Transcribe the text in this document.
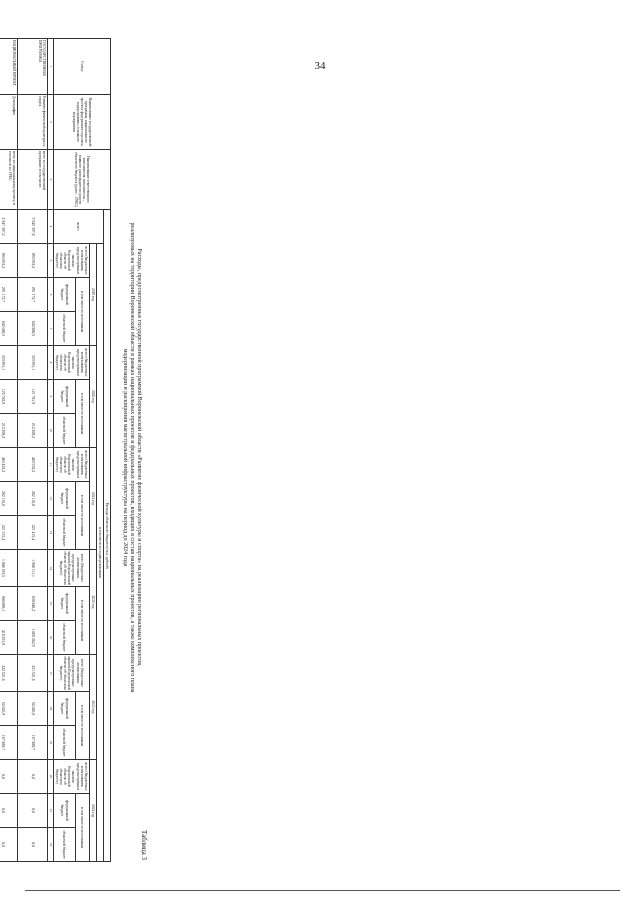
34
Таблица 3
Расходы, предусмотренные государственной программой Воронежской области «Развитие физической культуры и спорта» на реализацию региональных проектов,
реализуемых на территории Воронежской области в рамках национальных проектов и федеральных проектов, входящих в состав национальных проектов, а также комплексного плана
модернизации и расширения магистральной инфраструктуры на период до 2024 года
Статус	Наименование государственной программы, национального проекта, федерального проекта, подпрограммы, основного мероприятия	Наименование ответственного исполнителя, исполнителя – главного распорядителя средств областного бюджета (далее – ГРБС)	Расходы областного бюджета (тыс. рублей)																		
			всего	в том числе по годам реализации																	
				2019 год			2020 год			2021 год			2022 год			2023 год			2024 год		
				всего (бюджетные ассигнования, предусмотренные законом Воронежской области об областном бюджете)	в том числе по источникам		всего (бюджетные ассигнования, предусмотренные законом Воронежской области об областном бюджете)	в том числе по источникам		всего (бюджетные ассигнования, предусмотренные законом Воронежской области об областном бюджете)	в том числе по источникам		всего (бюджетные ассигнования, предусмотренные законом Воронежской области об областном бюджете)	в том числе по источникам		всего (бюджетные ассигнования, предусмотренные законом Воронежской области об областном бюджете)	в том числе по источникам		всего (бюджетные ассигнования, предусмотренные законом Воронежской области об областном бюджете)	в том числе по источникам	
					федеральный бюджет	областной бюджет		федеральный бюджет	областной бюджет		федеральный бюджет	областной бюджет		федеральный бюджет	областной бюджет		федеральный бюджет	областной бюджет		федеральный бюджет	областной бюджет
1	2	3	4	5	6	7	8	9	10	11	12	13	14	15	16	17	18	19	20	21	22
ГОСУДАРСТВЕННАЯ ПРОГРАММА	Развитие физической культуры и спорта	всего по государственной программе, в том числе:	3 945 397,8	893 953,2	291 172,7	602 880,5	333 991,1	121 781,9	212 209,2	483 532,2	262 116,8	221 415,4	1 908 111,1	838 848,2	1 069 262,9	221 521,6	54 626,9	167 889,7	0,0	0,0	0,0
НАЦИОНАЛЬНЫЙ ПРОЕКТ	Демография	всего по национальному проекту, в том числе по ГРБС:	2 947 397,2	893 853,2	291 172,7	602 680,5	333 991,1	125 782,9	212 209,2	483 432,2	262 116,8	221 315,4	1 008 193,5	900 889,1	418 291,9	222 521,6	54 625,9	167 889,7	0,0	0,0	0,0
